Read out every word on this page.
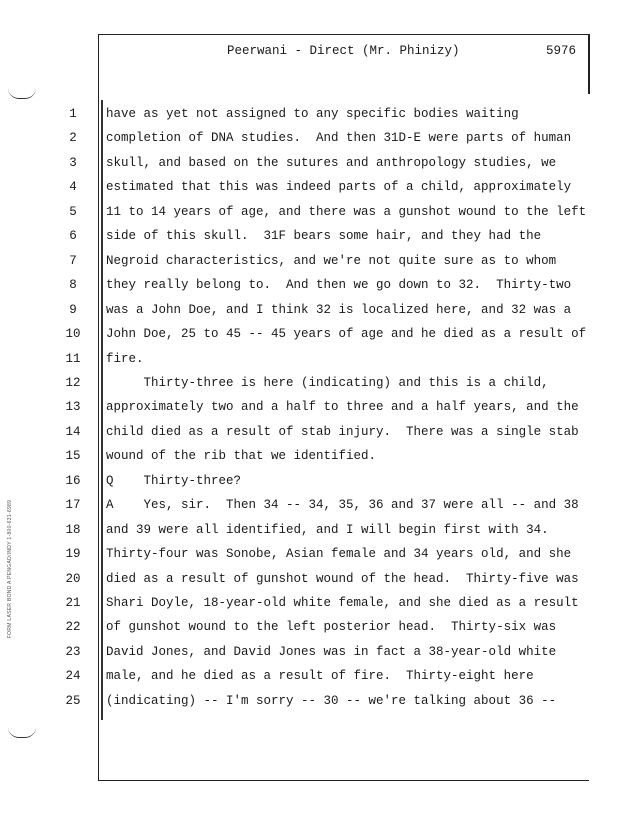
Peerwani - Direct (Mr. Phinizy)	5976
FORM LASER BOND A PENGAD/INDY 1-800-631-6989
1	have as yet not assigned to any specific bodies waiting
2	completion of DNA studies.  And then 31D-E were parts of human
3	skull, and based on the sutures and anthropology studies, we
4	estimated that this was indeed parts of a child, approximately
5	11 to 14 years of age, and there was a gunshot wound to the left
6	side of this skull.  31F bears some hair, and they had the
7	Negroid characteristics, and we're not quite sure as to whom
8	they really belong to.  And then we go down to 32.  Thirty-two
9	was a John Doe, and I think 32 is localized here, and 32 was a
10	John Doe, 25 to 45 -- 45 years of age and he died as a result of
11	fire.
12	Thirty-three is here (indicating) and this is a child,
13	approximately two and a half to three and a half years, and the
14	child died as a result of stab injury.  There was a single stab
15	wound of the rib that we identified.
16	Q    Thirty-three?
17	A    Yes, sir.  Then 34 -- 34, 35, 36 and 37 were all -- and 38
18	and 39 were all identified, and I will begin first with 34.
19	Thirty-four was Sonobe, Asian female and 34 years old, and she
20	died as a result of gunshot wound of the head.  Thirty-five was
21	Shari Doyle, 18-year-old white female, and she died as a result
22	of gunshot wound to the left posterior head.  Thirty-six was
23	David Jones, and David Jones was in fact a 38-year-old white
24	male, and he died as a result of fire.  Thirty-eight here
25	(indicating) -- I'm sorry -- 30 -- we're talking about 36 --
